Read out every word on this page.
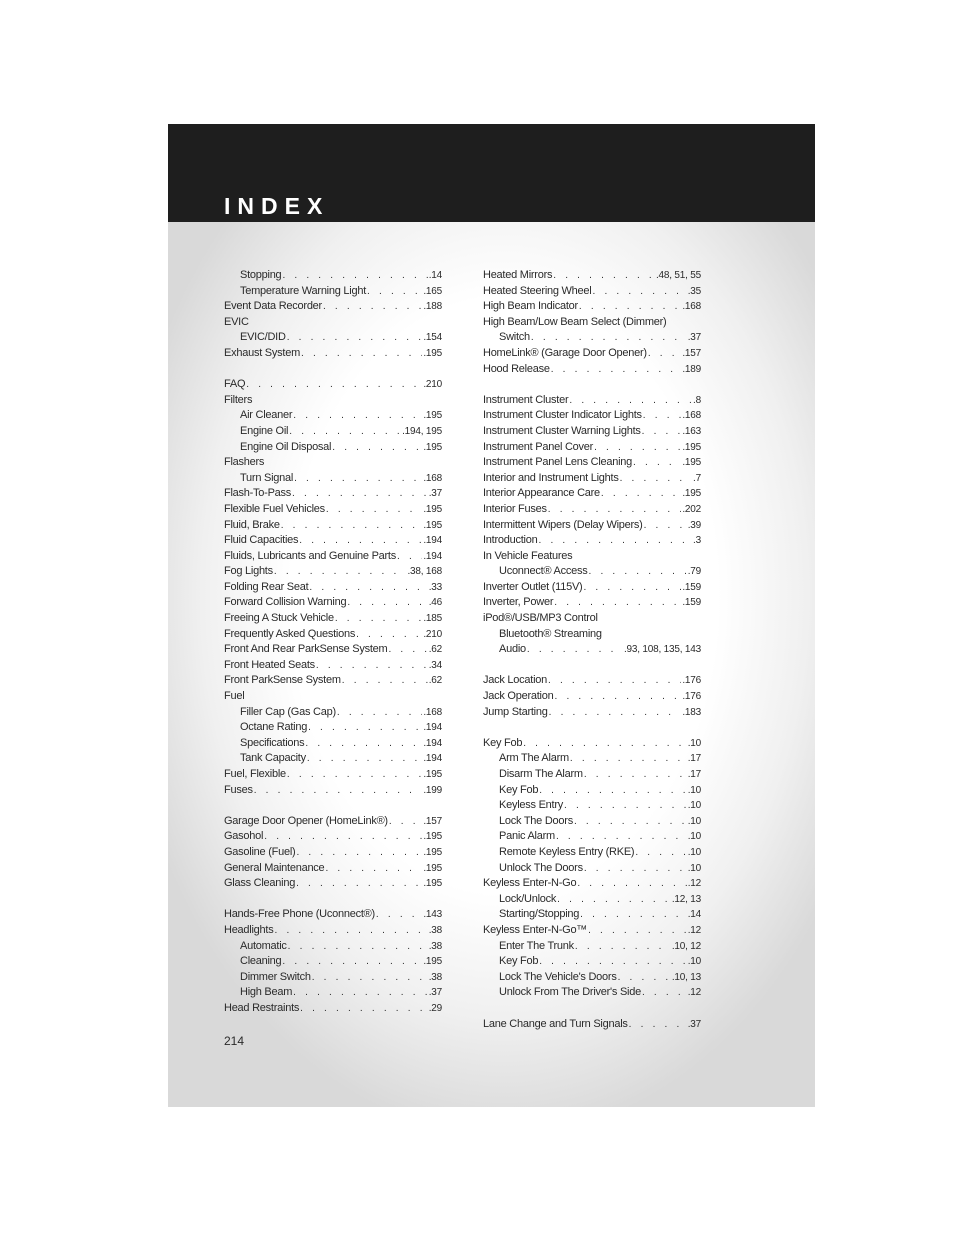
INDEX
Stopping . . .	.14
Temperature Warning Light . . .	.165
Event Data Recorder . . .	.188
EVIC
EVIC/DID . . .	.154
Exhaust System . . .	.195
FAQ . . .	.210
Filters
Air Cleaner . . .	.195
Engine Oil . . .	.194, 195
Engine Oil Disposal . . .	.195
Flashers
Turn Signal . . .	.168
Flash-To-Pass . . .	.37
Flexible Fuel Vehicles . . .	.195
Fluid, Brake . . .	.195
Fluid Capacities . . .	.194
Fluids, Lubricants and Genuine Parts . . .	.194
Fog Lights . . .	.38, 168
Folding Rear Seat . . .	.33
Forward Collision Warning . . .	.46
Freeing A Stuck Vehicle . . .	.185
Frequently Asked Questions . . .	.210
Front And Rear ParkSense System . . .	.62
Front Heated Seats . . .	.34
Front ParkSense System . . .	.62
Fuel
Filler Cap (Gas Cap) . . .	.168
Octane Rating . . .	.194
Specifications . . .	.194
Tank Capacity . . .	.194
Fuel, Flexible . . .	.195
Fuses . . .	.199
Garage Door Opener (HomeLink®) . . .	.157
Gasohol . . .	.195
Gasoline (Fuel) . . .	.195
General Maintenance . . .	.195
Glass Cleaning . . .	.195
Hands-Free Phone (Uconnect®) . . .	.143
Headlights . . .	.38
Automatic . . .	.38
Cleaning . . .	.195
Dimmer Switch . . .	.38
High Beam . . .	.37
Head Restraints . . .	.29
Heated Mirrors . . .	.48, 51, 55
Heated Steering Wheel . . .	.35
High Beam Indicator . . .	.168
High Beam/Low Beam Select (Dimmer)
Switch . . .	.37
HomeLink® (Garage Door Opener) . . .	.157
Hood Release . . .	.189
Instrument Cluster . . .	.8
Instrument Cluster Indicator Lights . . .	.168
Instrument Cluster Warning Lights . . .	.163
Instrument Panel Cover . . .	.195
Instrument Panel Lens Cleaning . . .	.195
Interior and Instrument Lights . . .	.7
Interior Appearance Care . . .	.195
Interior Fuses . . .	.202
Intermittent Wipers (Delay Wipers) . . .	.39
Introduction . . .	.3
In Vehicle Features
Uconnect® Access . . .	.79
Inverter Outlet (115V) . . .	.159
Inverter, Power . . .	.159
iPod®/USB/MP3 Control
Bluetooth® Streaming
Audio . . .	.93, 108, 135, 143
Jack Location . . .	.176
Jack Operation . . .	.176
Jump Starting . . .	.183
Key Fob . . .	.10
Arm The Alarm . . .	.17
Disarm The Alarm . . .	.17
Key Fob . . .	.10
Keyless Entry . . .	.10
Lock The Doors . . .	.10
Panic Alarm . . .	.10
Remote Keyless Entry (RKE) . . .	.10
Unlock The Doors . . .	.10
Keyless Enter-N-Go . . .	.12
Lock/Unlock . . .	.12, 13
Starting/Stopping . . .	.14
Keyless Enter-N-Go™ . . .	.12
Enter The Trunk . . .	.10, 12
Key Fob . . .	.10
Lock The Vehicle's Doors . . .	.10, 13
Unlock From The Driver's Side . . .	.12
Lane Change and Turn Signals . . .	.37
214
